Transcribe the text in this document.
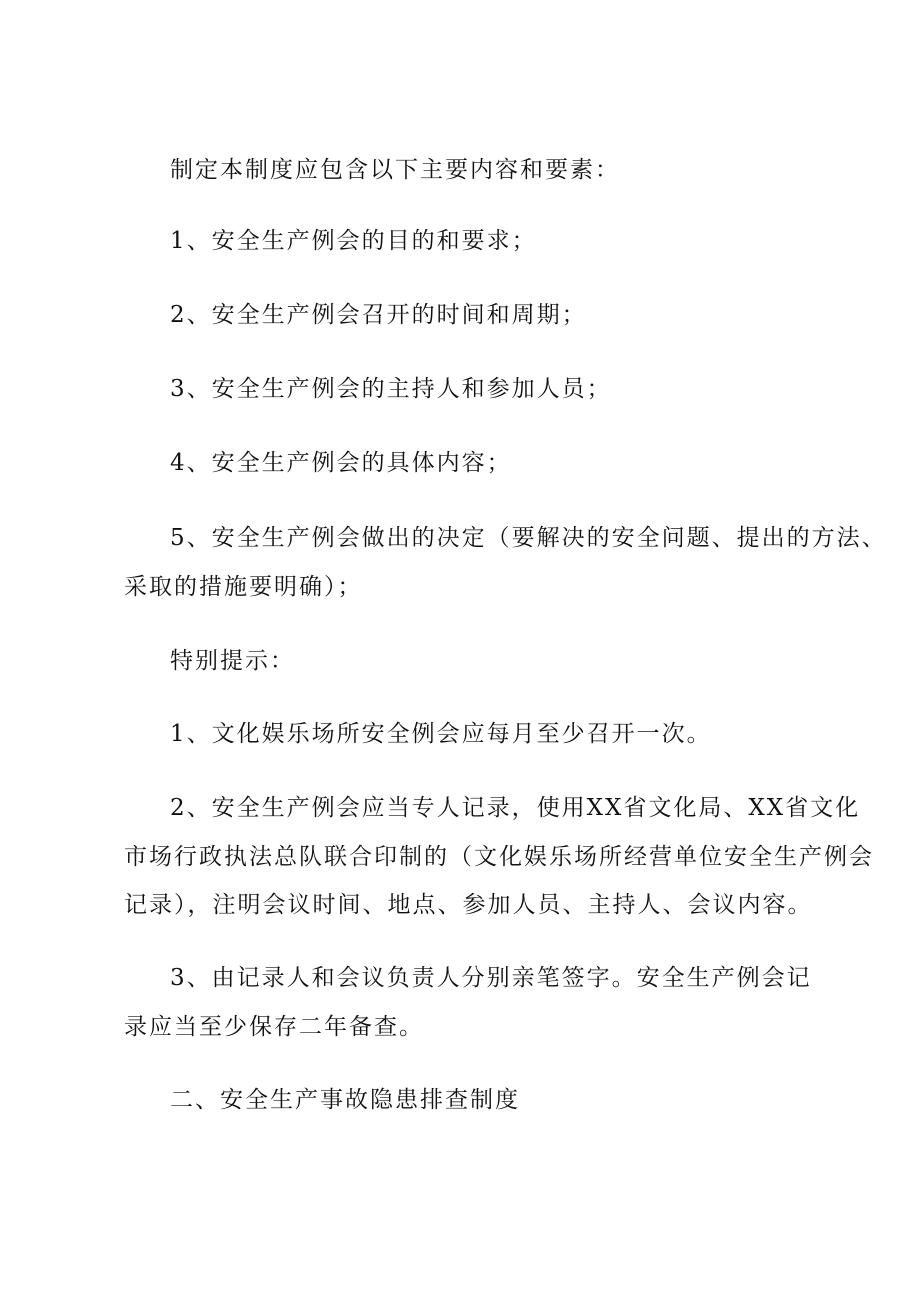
制定本制度应包含以下主要内容和要素：
1、安全生产例会的目的和要求；
2、安全生产例会召开的时间和周期；
3、安全生产例会的主持人和参加人员；
4、安全生产例会的具体内容；
5、安全生产例会做出的决定（要解决的安全问题、提出的方法、
采取的措施要明确）；
特别提示：
1、文化娱乐场所安全例会应每月至少召开一次。
2、安全生产例会应当专人记录，使用XX省文化局、XX省文化
市场行政执法总队联合印制的（文化娱乐场所经营单位安全生产例会
记录），注明会议时间、地点、参加人员、主持人、会议内容。
3、由记录人和会议负责人分别亲笔签字。安全生产例会记
录应当至少保存二年备查。
二、安全生产事故隐患排查制度
